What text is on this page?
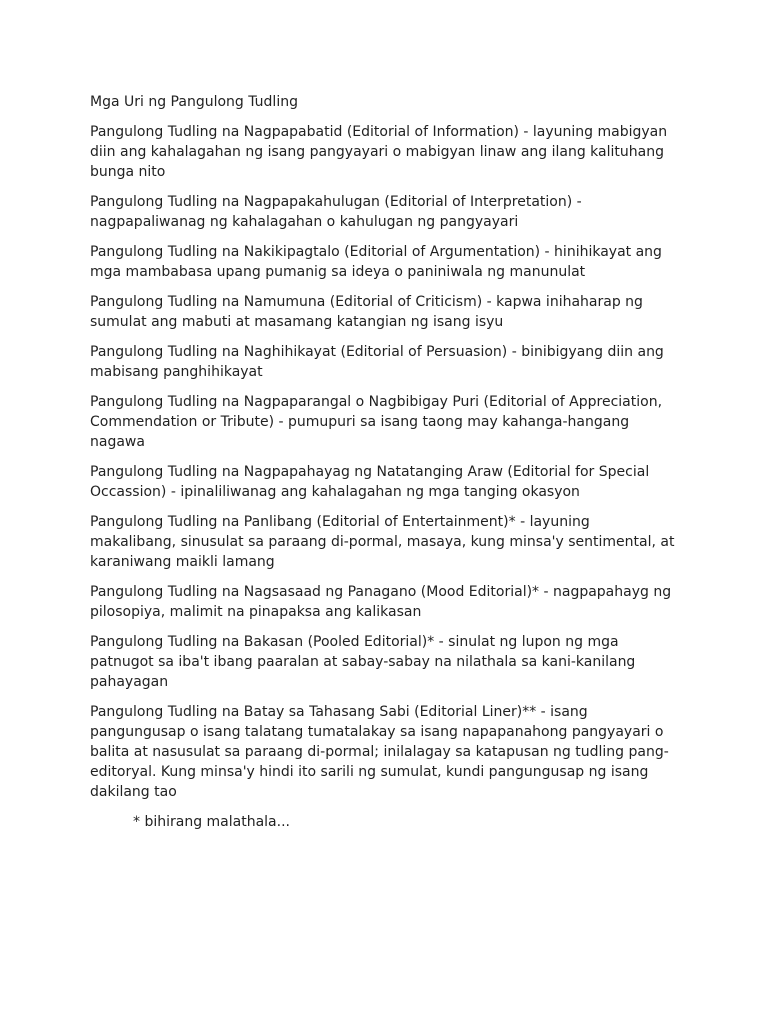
Mga Uri ng Pangulong Tudling

Pangulong Tudling na Nagpapabatid (Editorial of Information) - layuning mabigyan diin ang kahalagahan ng isang pangyayari o mabigyan linaw ang ilang kalituhang bunga nito

Pangulong Tudling na Nagpapakahulugan (Editorial of Interpretation) - nagpapaliwanag ng kahalagahan o kahulugan ng pangyayari

Pangulong Tudling na Nakikipagtalo (Editorial of Argumentation) - hinihikayat ang mga mambabasa upang pumanig sa ideya o paniniwala ng manunulat

Pangulong Tudling na Namumuna (Editorial of Criticism) - kapwa inihaharap ng sumulat ang mabuti at masamang katangian ng isang isyu

Pangulong Tudling na Naghihikayat (Editorial of Persuasion) - binibigyang diin ang mabisang panghihikayat

Pangulong Tudling na Nagpaparangal o Nagbibigay Puri (Editorial of Appreciation, Commendation or Tribute) - pumupuri sa isang taong may kahanga-hangang nagawa

Pangulong Tudling na Nagpapahayag ng Natatanging Araw (Editorial for Special Occassion) - ipinaliliwanag ang kahalagahan ng mga tanging okasyon

Pangulong Tudling na Panlibang (Editorial of Entertainment)* - layuning makalibang, sinusulat sa paraang di-pormal, masaya, kung minsa'y sentimental, at karaniwang maikli lamang

Pangulong Tudling na Nagsasaad ng Panagano (Mood Editorial)* - nagpapahayg ng pilosopiya, malimit na pinapaksa ang kalikasan

Pangulong Tudling na Bakasan (Pooled Editorial)* - sinulat ng lupon ng mga patnugot sa iba't ibang paaralan at sabay-sabay na nilathala sa kani-kanilang pahayagan

Pangulong Tudling na Batay sa Tahasang Sabi (Editorial Liner)** - isang pangungusap o isang talatang tumatalakay sa isang napapanahong pangyayari o balita at nasusulat sa paraang di-pormal; inilalagay sa katapusan ng tudling pang-editoryal. Kung minsa'y hindi ito sarili ng sumulat, kundi pangungusap ng isang dakilang tao

* bihirang malathala...
